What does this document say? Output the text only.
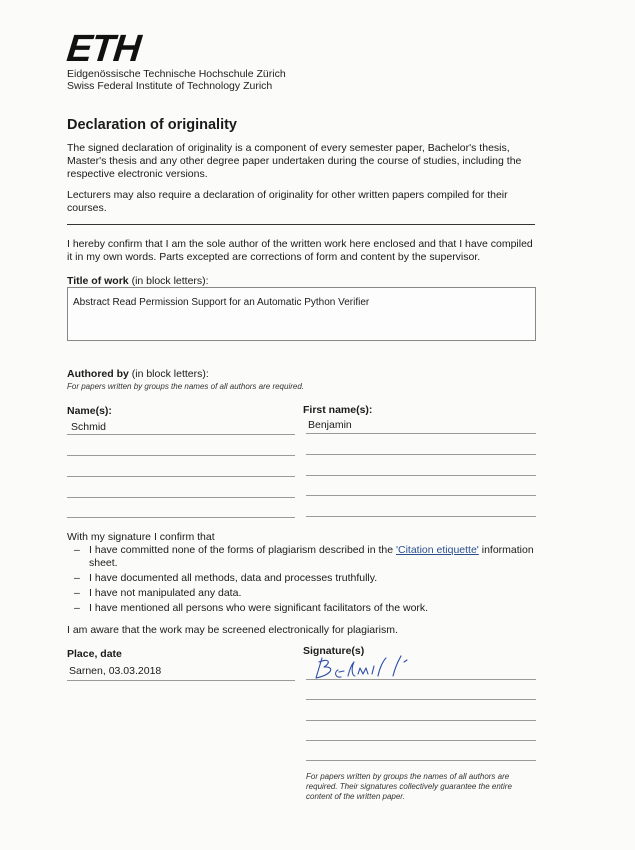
ETH
Eidgenössische Technische Hochschule Zürich
Swiss Federal Institute of Technology Zurich
Declaration of originality
The signed declaration of originality is a component of every semester paper, Bachelor's thesis, Master's thesis and any other degree paper undertaken during the course of studies, including the respective electronic versions.
Lecturers may also require a declaration of originality for other written papers compiled for their courses.
I hereby confirm that I am the sole author of the written work here enclosed and that I have compiled it in my own words. Parts excepted are corrections of form and content by the supervisor.
Title of work (in block letters):
Abstract Read Permission Support for an Automatic Python Verifier
Authored by (in block letters):
For papers written by groups the names of all authors are required.
Name(s):	First name(s):
Schmid	Benjamin
With my signature I confirm that
– I have committed none of the forms of plagiarism described in the 'Citation etiquette' information sheet.
– I have documented all methods, data and processes truthfully.
– I have not manipulated any data.
– I have mentioned all persons who were significant facilitators of the work.
I am aware that the work may be screened electronically for plagiarism.
Place, date
Sarnen, 03.03.2018
Signature(s)
For papers written by groups the names of all authors are required. Their signatures collectively guarantee the entire content of the written paper.
